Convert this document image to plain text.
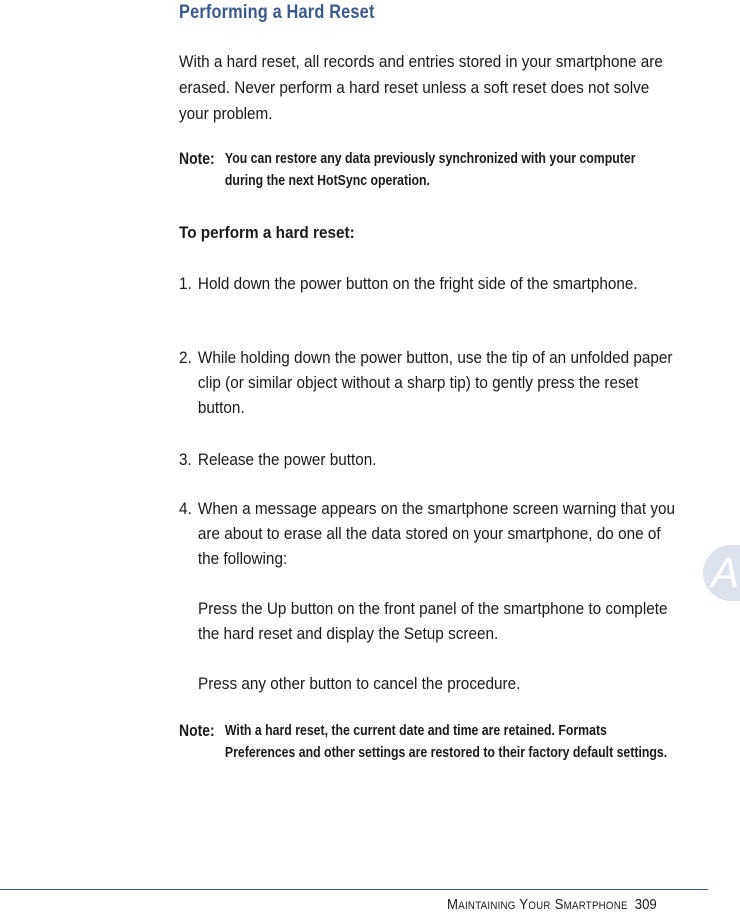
Performing a Hard Reset

With a hard reset, all records and entries stored in your smartphone are erased. Never perform a hard reset unless a soft reset does not solve your problem.

Note: You can restore any data previously synchronized with your computer during the next HotSync operation.
To perform a hard reset:
1. Hold down the power button on the fright side of the smartphone.
2. While holding down the power button, use the tip of an unfolded paper clip (or similar object without a sharp tip) to gently press the reset button.
3. Release the power button.
4. When a message appears on the smartphone screen warning that you are about to erase all the data stored on your smartphone, do one of the following:

Press the Up button on the front panel of the smartphone to complete the hard reset and display the Setup screen.

Press any other button to cancel the procedure.

Note: With a hard reset, the current date and time are retained. Formats Preferences and other settings are restored to their factory default settings.
A
Maintaining Your Smartphone 309
